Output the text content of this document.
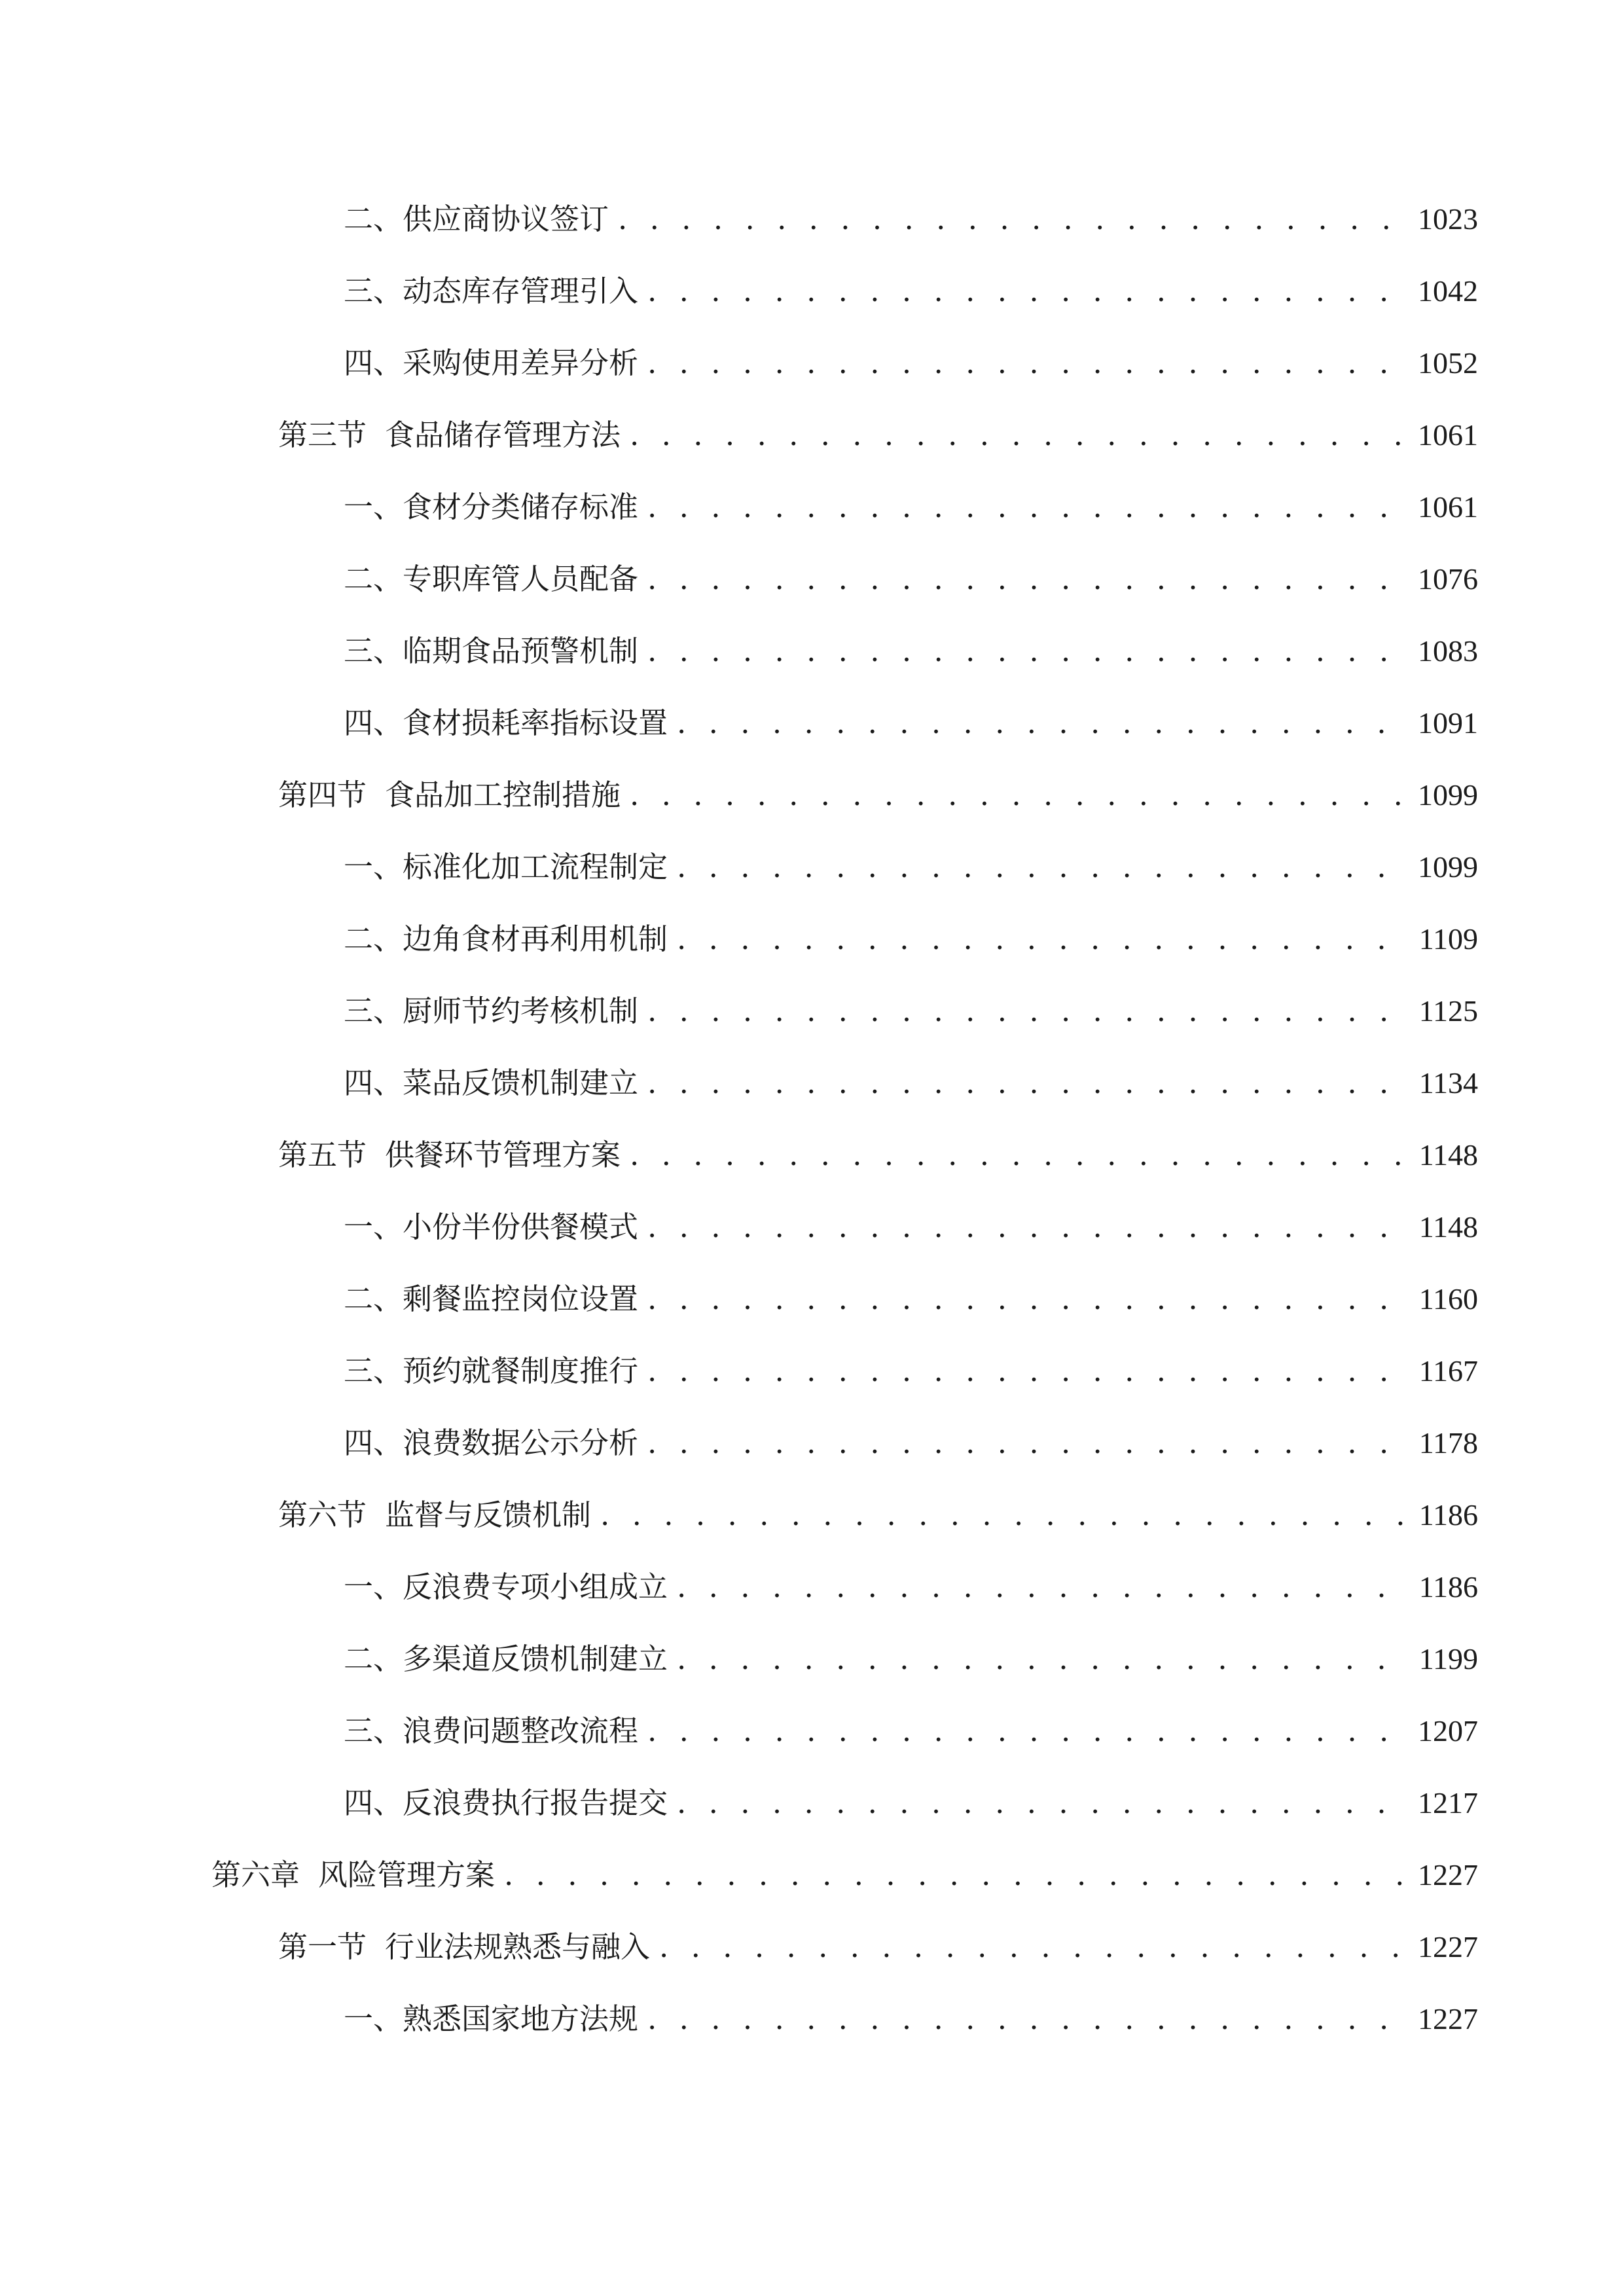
二、 供应商协议签订 . . .	1023
三、 动态库存管理引入 . . .	1042
四、 采购使用差异分析 . . .	1052
第三节 食品储存管理方法 . . .	1061
一、 食材分类储存标准 . . .	1061
二、 专职库管人员配备 . . .	1076
三、 临期食品预警机制 . . .	1083
四、 食材损耗率指标设置 . . .	1091
第四节 食品加工控制措施 . . .	1099
一、 标准化加工流程制定 . . .	1099
二、 边角食材再利用机制 . . .	1109
三、 厨师节约考核机制 . . .	1125
四、 菜品反馈机制建立 . . .	1134
第五节 供餐环节管理方案 . . .	1148
一、 小份半份供餐模式 . . .	1148
二、 剩餐监控岗位设置 . . .	1160
三、 预约就餐制度推行 . . .	1167
四、 浪费数据公示分析 . . .	1178
第六节 监督与反馈机制 . . .	1186
一、 反浪费专项小组成立 . . .	1186
二、 多渠道反馈机制建立 . . .	1199
三、 浪费问题整改流程 . . .	1207
四、 反浪费执行报告提交 . . .	1217
第六章 风险管理方案 . . .	1227
第一节 行业法规熟悉与融入 . . .	1227
一、 熟悉国家地方法规 . . .	1227
